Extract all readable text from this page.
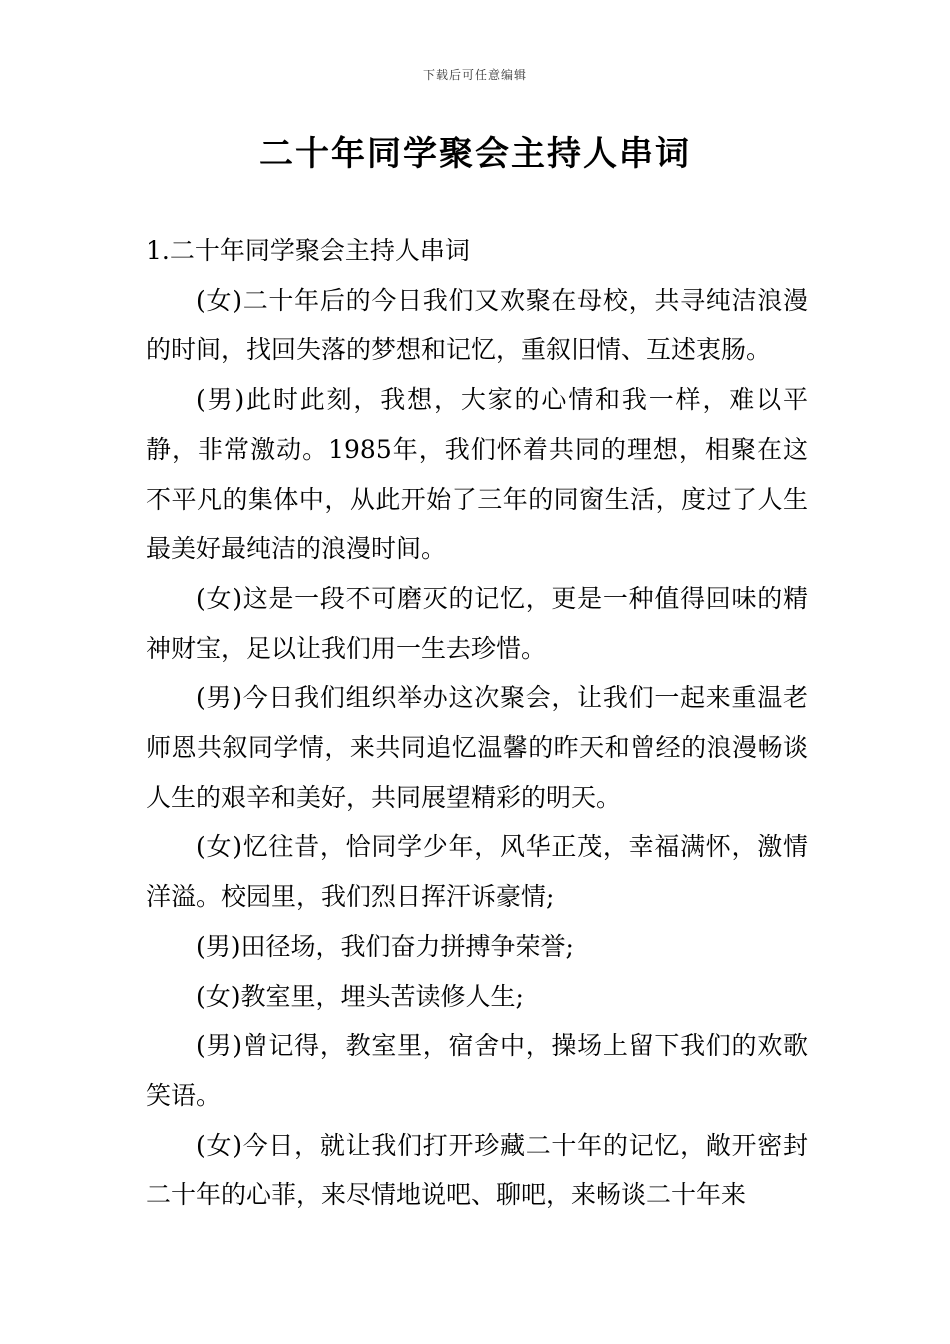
下载后可任意编辑
二十年同学聚会主持人串词

1.二十年同学聚会主持人串词

(女)二十年后的今日我们又欢聚在母校，共寻纯洁浪漫的时间，找回失落的梦想和记忆，重叙旧情、互述衷肠。

(男)此时此刻，我想，大家的心情和我一样，难以平静，非常激动。1985年，我们怀着共同的理想，相聚在这不平凡的集体中，从此开始了三年的同窗生活，度过了人生最美好最纯洁的浪漫时间。

(女)这是一段不可磨灭的记忆，更是一种值得回味的精神财宝，足以让我们用一生去珍惜。

(男)今日我们组织举办这次聚会，让我们一起来重温老师恩共叙同学情，来共同追忆温馨的昨天和曾经的浪漫畅谈人生的艰辛和美好，共同展望精彩的明天。

(女)忆往昔，恰同学少年，风华正茂，幸福满怀，激情洋溢。校园里，我们烈日挥汗诉豪情;

(男)田径场，我们奋力拼搏争荣誉;

(女)教室里，埋头苦读修人生;

(男)曾记得，教室里，宿舍中，操场上留下我们的欢歌笑语。

(女)今日，就让我们打开珍藏二十年的记忆，敞开密封二十年的心菲，来尽情地说吧、聊吧，来畅谈二十年来
